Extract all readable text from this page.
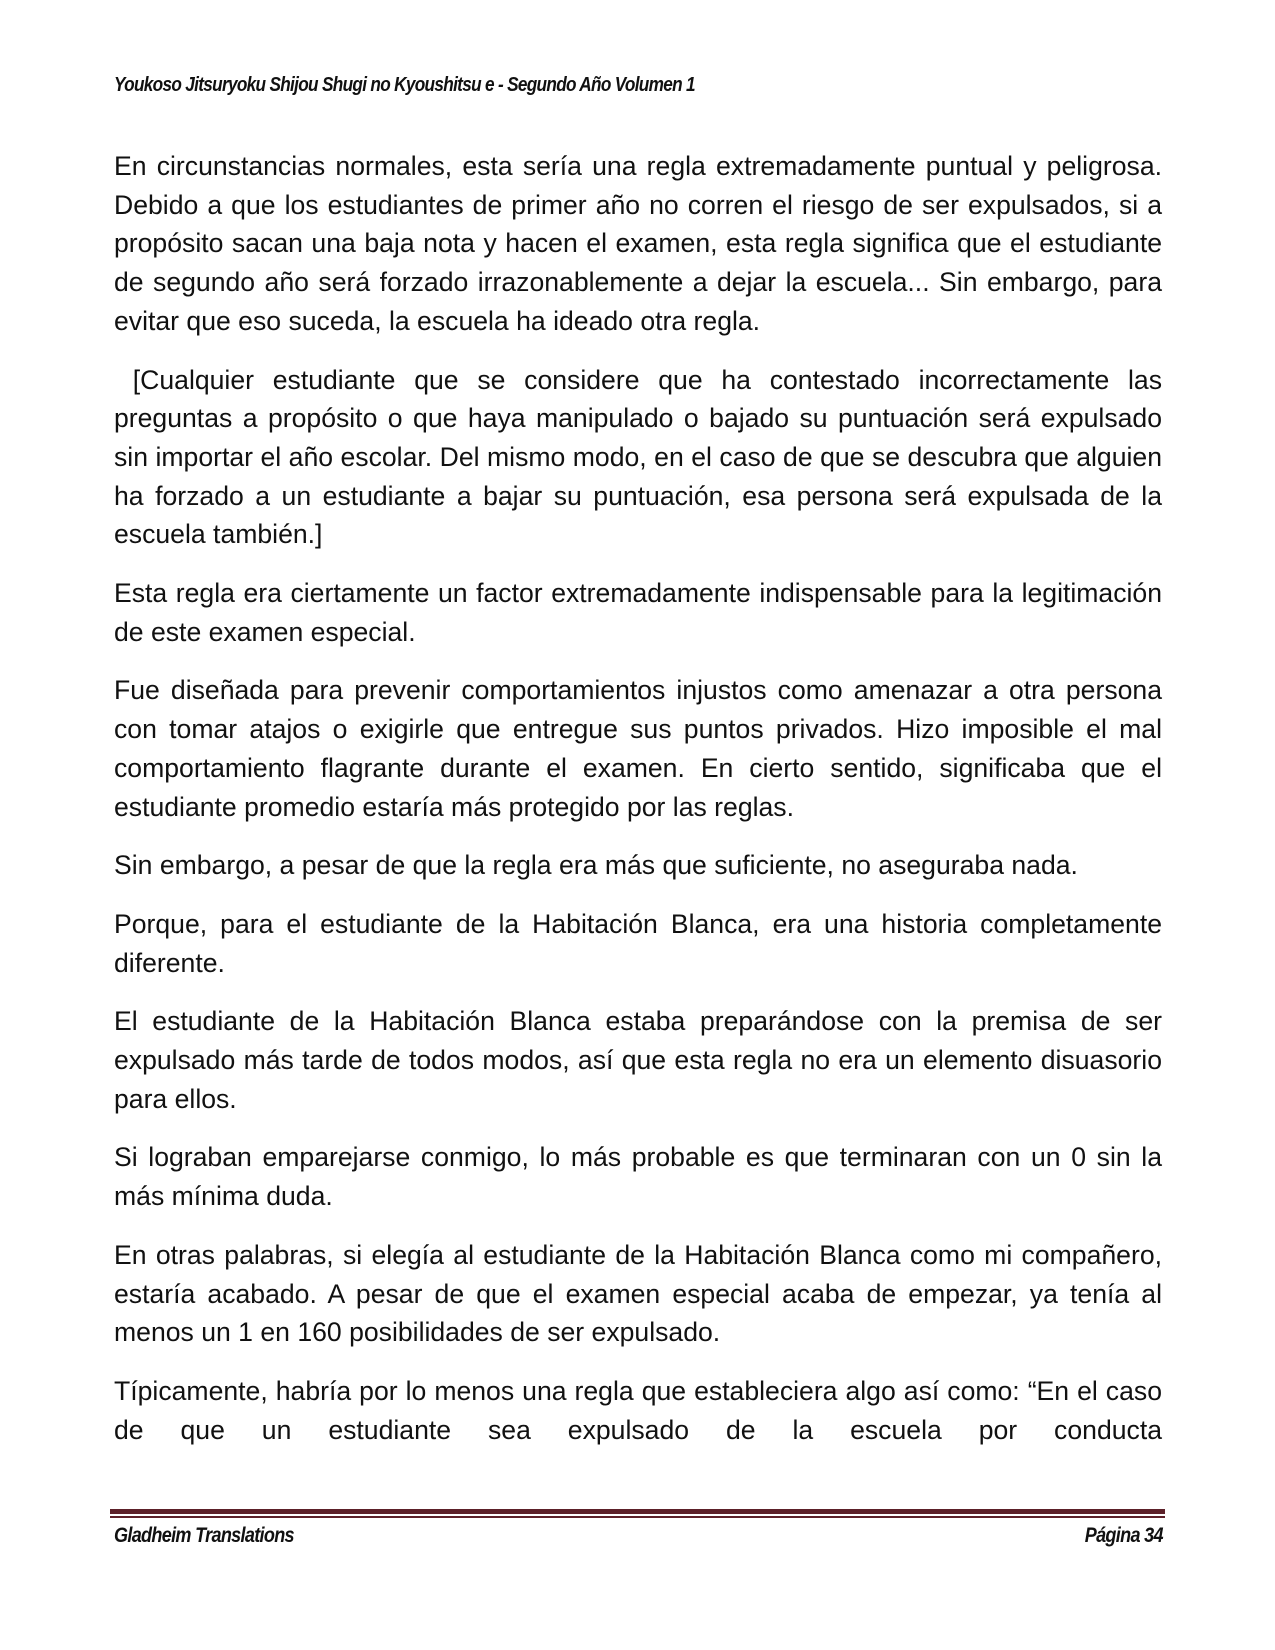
Youkoso Jitsuryoku Shijou Shugi no Kyoushitsu e - Segundo Año Volumen 1

En circunstancias normales, esta sería una regla extremadamente puntual y peligrosa. Debido a que los estudiantes de primer año no corren el riesgo de ser expulsados, si a propósito sacan una baja nota y hacen el examen, esta regla significa que el estudiante de segundo año será forzado irrazonablemente a dejar la escuela... Sin embargo, para evitar que eso suceda, la escuela ha ideado otra regla.

[Cualquier estudiante que se considere que ha contestado incorrectamente las preguntas a propósito o que haya manipulado o bajado su puntuación será expulsado sin importar el año escolar. Del mismo modo, en el caso de que se descubra que alguien ha forzado a un estudiante a bajar su puntuación, esa persona será expulsada de la escuela también.]

Esta regla era ciertamente un factor extremadamente indispensable para la legitimación de este examen especial.

Fue diseñada para prevenir comportamientos injustos como amenazar a otra persona con tomar atajos o exigirle que entregue sus puntos privados. Hizo imposible el mal comportamiento flagrante durante el examen. En cierto sentido, significaba que el estudiante promedio estaría más protegido por las reglas.

Sin embargo, a pesar de que la regla era más que suficiente, no aseguraba nada.

Porque, para el estudiante de la Habitación Blanca, era una historia completamente diferente.

El estudiante de la Habitación Blanca estaba preparándose con la premisa de ser expulsado más tarde de todos modos, así que esta regla no era un elemento disuasorio para ellos.

Si lograban emparejarse conmigo, lo más probable es que terminaran con un 0 sin la más mínima duda.

En otras palabras, si elegía al estudiante de la Habitación Blanca como mi compañero, estaría acabado. A pesar de que el examen especial acaba de empezar, ya tenía al menos un 1 en 160 posibilidades de ser expulsado.

Típicamente, habría por lo menos una regla que estableciera algo así como: “En el caso de que un estudiante sea expulsado de la escuela por conducta

Gladheim Translations	Página 34
